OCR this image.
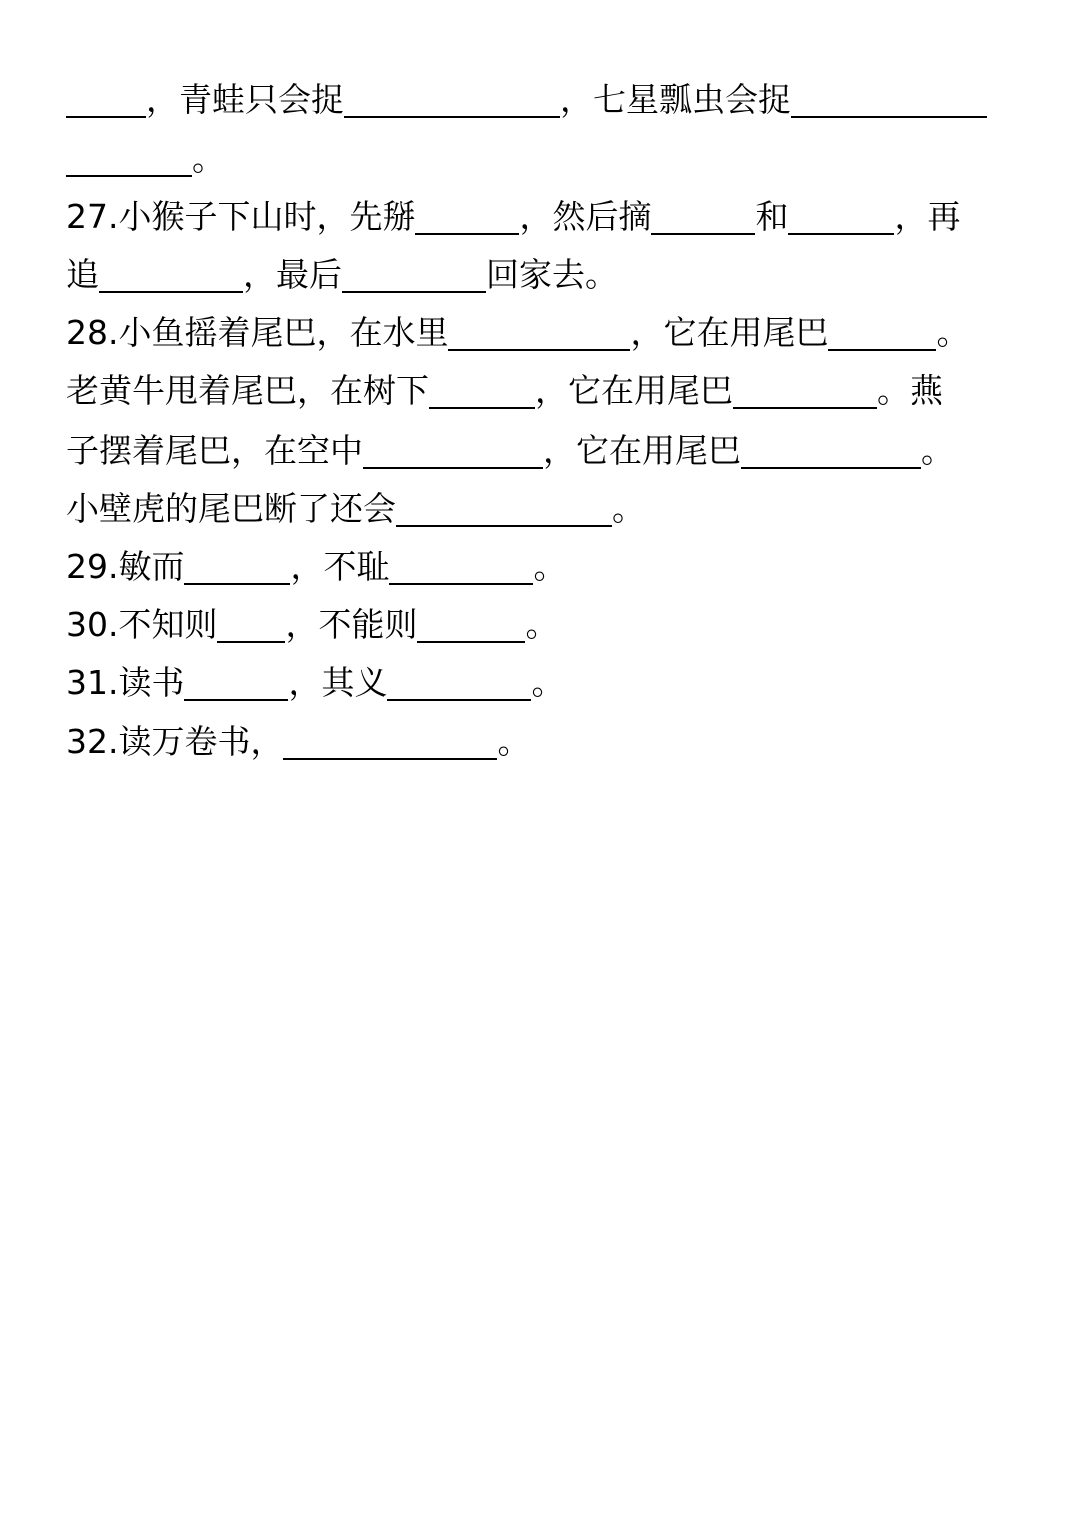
，青蛙只会捉	，七星瓢虫会捉
。
27.小猴子下山时，先掰	，然后摘	和	，再
追	，最后	回家去。
28.小鱼摇着尾巴，在水里	，它在用尾巴	。
老黄牛甩着尾巴，在树下	，它在用尾巴	。燕
子摆着尾巴，在空中	，它在用尾巴	。
小壁虎的尾巴断了还会	。
29.敏而	，不耻	。
30.不知则 ，不能则	。
31.读书	，其义	。
32.读万卷书，	。
